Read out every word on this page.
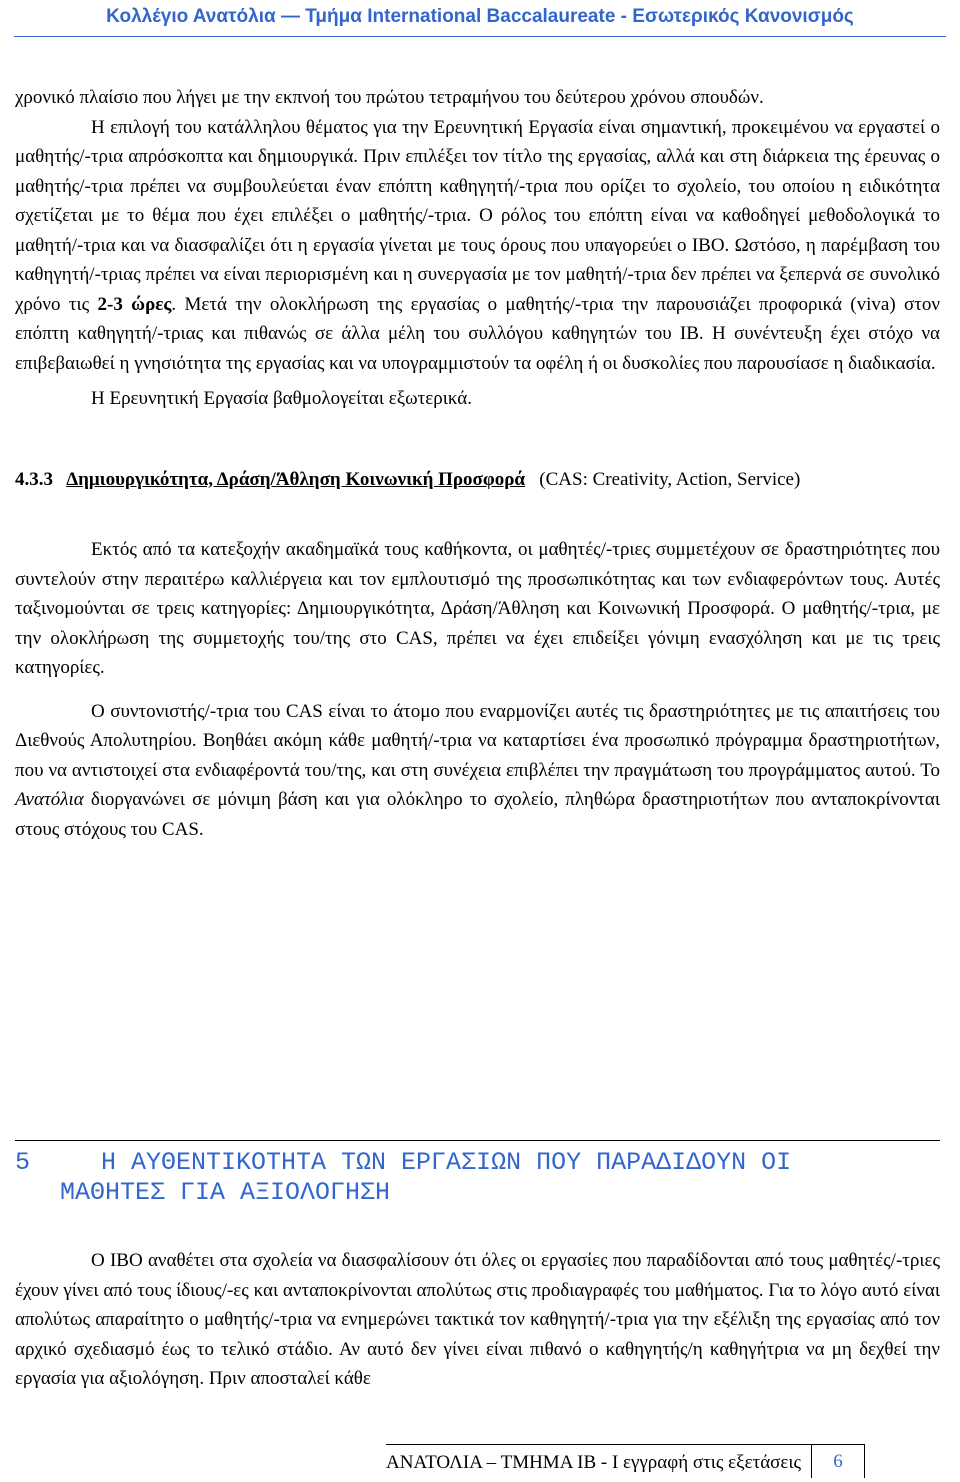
Κολλέγιο Ανατόλια — Τμήμα International Baccalaureate - Εσωτερικός Κανονισμός

χρονικό πλαίσιο που λήγει με την εκπνοή του πρώτου τετραμήνου του δεύτερου χρόνου σπουδών.

Η επιλογή του κατάλληλου θέματος για την Ερευνητική Εργασία είναι σημαντική, προκειμένου να εργαστεί ο μαθητής/-τρια απρόσκοπτα και δημιουργικά. Πριν επιλέξει τον τίτλο της εργασίας, αλλά και στη διάρκεια της έρευνας ο μαθητής/-τρια πρέπει να συμβουλεύεται έναν επόπτη καθηγητή/-τρια που ορίζει το σχολείο, του οποίου η ειδικότητα σχετίζεται με το θέμα που έχει επιλέξει ο μαθητής/-τρια. Ο ρόλος του επόπτη είναι να καθοδηγεί μεθοδολογικά το μαθητή/-τρια και να διασφαλίζει ότι η εργασία γίνεται με τους όρους που υπαγορεύει ο IBO. Ωστόσο, η παρέμβαση του καθηγητή/-τριας πρέπει να είναι περιορισμένη και η συνεργασία με τον μαθητή/-τρια δεν πρέπει να ξεπερνά σε συνολικό χρόνο τις 2-3 ώρες. Μετά την ολοκλήρωση της εργασίας ο μαθητής/-τρια την παρουσιάζει προφορικά (viva) στον επόπτη καθηγητή/-τριας και πιθανώς σε άλλα μέλη του συλλόγου καθηγητών του IB. Η συνέντευξη έχει στόχο να επιβεβαιωθεί η γνησιότητα της εργασίας και να υπογραμμιστούν τα οφέλη ή οι δυσκολίες που παρουσίασε η διαδικασία.

Η Ερευνητική Εργασία βαθμολογείται εξωτερικά.

4.3.3 Δημιουργικότητα, Δράση/Άθληση Κοινωνική Προσφορά (CAS: Creativity, Action, Service)

Εκτός από τα κατεξοχήν ακαδημαϊκά τους καθήκοντα, οι μαθητές/-τριες συμμετέχουν σε δραστηριότητες που συντελούν στην περαιτέρω καλλιέργεια και τον εμπλουτισμό της προσωπικότητας και των ενδιαφερόντων τους. Αυτές ταξινομούνται σε τρεις κατηγορίες: Δημιουργικότητα, Δράση/Άθληση και Κοινωνική Προσφορά. Ο μαθητής/-τρια, με την ολοκλήρωση της συμμετοχής του/της στο CAS, πρέπει να έχει επιδείξει γόνιμη ενασχόληση και με τις τρεις κατηγορίες.

Ο συντονιστής/-τρια του CAS είναι το άτομο που εναρμονίζει αυτές τις δραστηριότητες με τις απαιτήσεις του Διεθνούς Απολυτηρίου. Βοηθάει ακόμη κάθε μαθητή/-τρια να καταρτίσει ένα προσωπικό πρόγραμμα δραστηριοτήτων, που να αντιστοιχεί στα ενδιαφέροντά του/της, και στη συνέχεια επιβλέπει την πραγμάτωση του προγράμματος αυτού. Το Ανατόλια διοργανώνει σε μόνιμη βάση και για ολόκληρο το σχολείο, πληθώρα δραστηριοτήτων που ανταποκρίνονται στους στόχους του CAS.

5	Η ΑΥΘΕΝΤΙΚΟΤΗΤΑ ΤΩΝ ΕΡΓΑΣΙΩΝ ΠΟΥ ΠΑΡΑΔΙΔΟΥΝ ΟΙ
ΜΑΘΗΤΕΣ ΓΙΑ ΑΞΙΟΛΟΓΗΣΗ

Ο IBO αναθέτει στα σχολεία να διασφαλίσουν ότι όλες οι εργασίες που παραδίδονται από τους μαθητές/-τριες έχουν γίνει από τους ίδιους/-ες και ανταποκρίνονται απολύτως στις προδιαγραφές του μαθήματος. Για το λόγο αυτό είναι απολύτως απαραίτητο ο μαθητής/-τρια να ενημερώνει τακτικά τον καθηγητή/-τρια για την εξέλιξη της εργασίας από τον αρχικό σχεδιασμό έως το τελικό στάδιο. Αν αυτό δεν γίνει είναι πιθανό ο καθηγητής/η καθηγήτρια να μη δεχθεί την εργασία για αξιολόγηση. Πριν αποσταλεί κάθε

ΑΝΑΤΟΛΙΑ – ΤΜΗΜΑ IB - Ι εγγραφή στις εξετάσεις	6
